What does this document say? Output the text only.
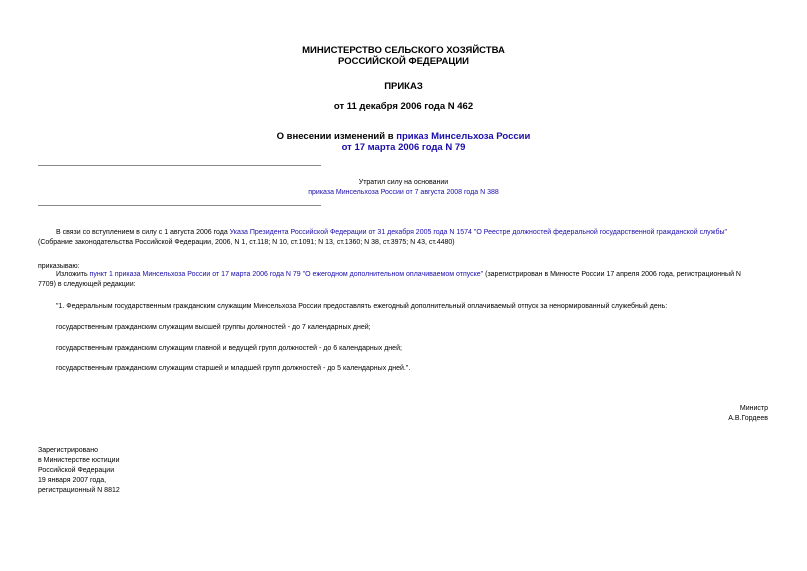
МИНИСТЕРСТВО СЕЛЬСКОГО ХОЗЯЙСТВА
РОССИЙСКОЙ ФЕДЕРАЦИИ
ПРИКАЗ
от 11 декабря 2006 года N 462
О внесении изменений в приказ Минсельхоза России
от 17 марта 2006 года N 79
Утратил силу на основании
приказа Минсельхоза России от 7 августа 2008 года N 388
В связи со вступлением в силу с 1 августа 2006 года Указа Президента Российской Федерации от 31 декабря 2005 года N 1574 "О Реестре должностей федеральной государственной гражданской службы"
(Собрание законодательства Российской Федерации, 2006, N 1, ст.118; N 10, ст.1091; N 13, ст.1360; N 38, ст.3975; N 43, ст.4480)
приказываю:
Изложить пункт 1 приказа Минсельхоза России от 17 марта 2006 года N 79 "О ежегодном дополнительном оплачиваемом отпуске" (зарегистрирован в Минюсте России 17 апреля 2006 года, регистрационный N
7709) в следующей редакции:
"1. Федеральным государственным гражданским служащим Минсельхоза России предоставлять ежегодный дополнительный оплачиваемый отпуск за ненормированный служебный день:
государственным гражданским служащим высшей группы должностей - до 7 календарных дней;
государственным гражданским служащим главной и ведущей групп должностей - до 6 календарных дней;
государственным гражданским служащим старшей и младшей групп должностей - до 5 календарных дней.".
Министр
А.В.Гордеев
Зарегистрировано
в Министерстве юстиции
Российской Федерации
19 января 2007 года,
регистрационный N 8812
